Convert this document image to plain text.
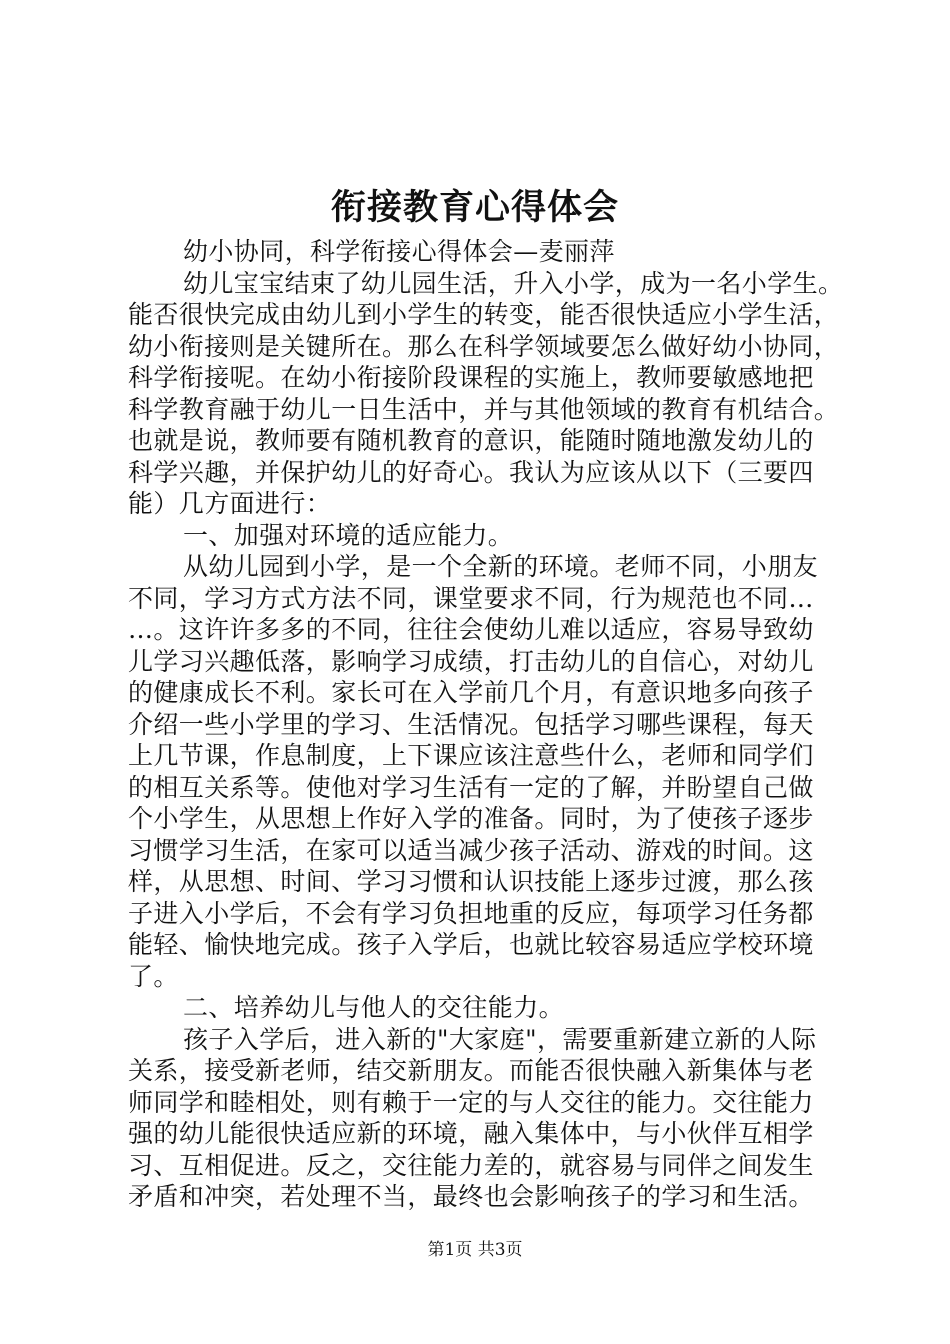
衔接教育心得体会
幼小协同，科学衔接心得体会—麦丽萍
幼儿宝宝结束了幼儿园生活，升入小学，成为一名小学生。
能否很快完成由幼儿到小学生的转变，能否很快适应小学生活，
幼小衔接则是关键所在。那么在科学领域要怎么做好幼小协同，
科学衔接呢。在幼小衔接阶段课程的实施上，教师要敏感地把
科学教育融于幼儿一日生活中，并与其他领域的教育有机结合。
也就是说，教师要有随机教育的意识，能随时随地激发幼儿的
科学兴趣，并保护幼儿的好奇心。我认为应该从以下（三要四
能）几方面进行：
一、加强对环境的适应能力。
从幼儿园到小学，是一个全新的环境。老师不同，小朋友
不同，学习方式方法不同，课堂要求不同，行为规范也不同…
…。这许许多多的不同，往往会使幼儿难以适应，容易导致幼
儿学习兴趣低落，影响学习成绩，打击幼儿的自信心，对幼儿
的健康成长不利。家长可在入学前几个月，有意识地多向孩子
介绍一些小学里的学习、生活情况。包括学习哪些课程，每天
上几节课，作息制度，上下课应该注意些什么，老师和同学们
的相互关系等。使他对学习生活有一定的了解，并盼望自己做
个小学生，从思想上作好入学的准备。同时，为了使孩子逐步
习惯学习生活，在家可以适当减少孩子活动、游戏的时间。这
样，从思想、时间、学习习惯和认识技能上逐步过渡，那么孩
子进入小学后，不会有学习负担地重的反应，每项学习任务都
能轻、愉快地完成。孩子入学后，也就比较容易适应学校环境
了。
二、培养幼儿与他人的交往能力。
孩子入学后，进入新的"大家庭"，需要重新建立新的人际
关系，接受新老师，结交新朋友。而能否很快融入新集体与老
师同学和睦相处，则有赖于一定的与人交往的能力。交往能力
强的幼儿能很快适应新的环境，融入集体中，与小伙伴互相学
习、互相促进。反之，交往能力差的，就容易与同伴之间发生
矛盾和冲突，若处理不当，最终也会影响孩子的学习和生活。
第1页 共3页
